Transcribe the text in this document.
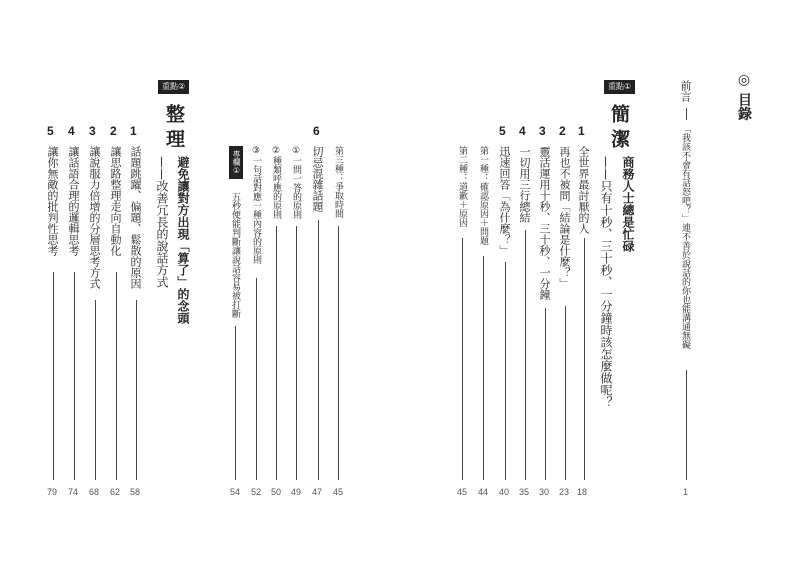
◎ 目錄
前言
「我該不會有話怒吧？」連不善於說話的你也能溝通無礙
1
重點①
簡潔
商務人士總是忙碌
——只有十秒、三十秒、一分鐘時該怎麼做呢？
1
全世界最討厭的人
18
2
再也不被問「結論是什麼？」
23
3
靈活運用十秒、三十秒、一分鐘
30
4
一切用三行總結
35
5
迅速回答「為什麼？」
40
第一種：確認原因＋問題
44
第二種：道歉＋原因
45
第三種：爭取時間
45
6
切忌混雜話題
47
①一問一答的原則
49
②種類呼應的原則
50
③一句話對應一種內容的原則
52
專欄①
五秒便能判斷讓說話容易被打斷
54
重點②
整理
避免讓對方出現「算了」的念頭
——改善冗長的說話方式
1
話題跳躍、偏題、鬆散的原因
58
2
讓思路整理走向自動化
62
3
讓說服力倍增的分層思考方式
68
4
讓話語合理的邏輯思考
74
5
讓你無敵的批判性思考
79
